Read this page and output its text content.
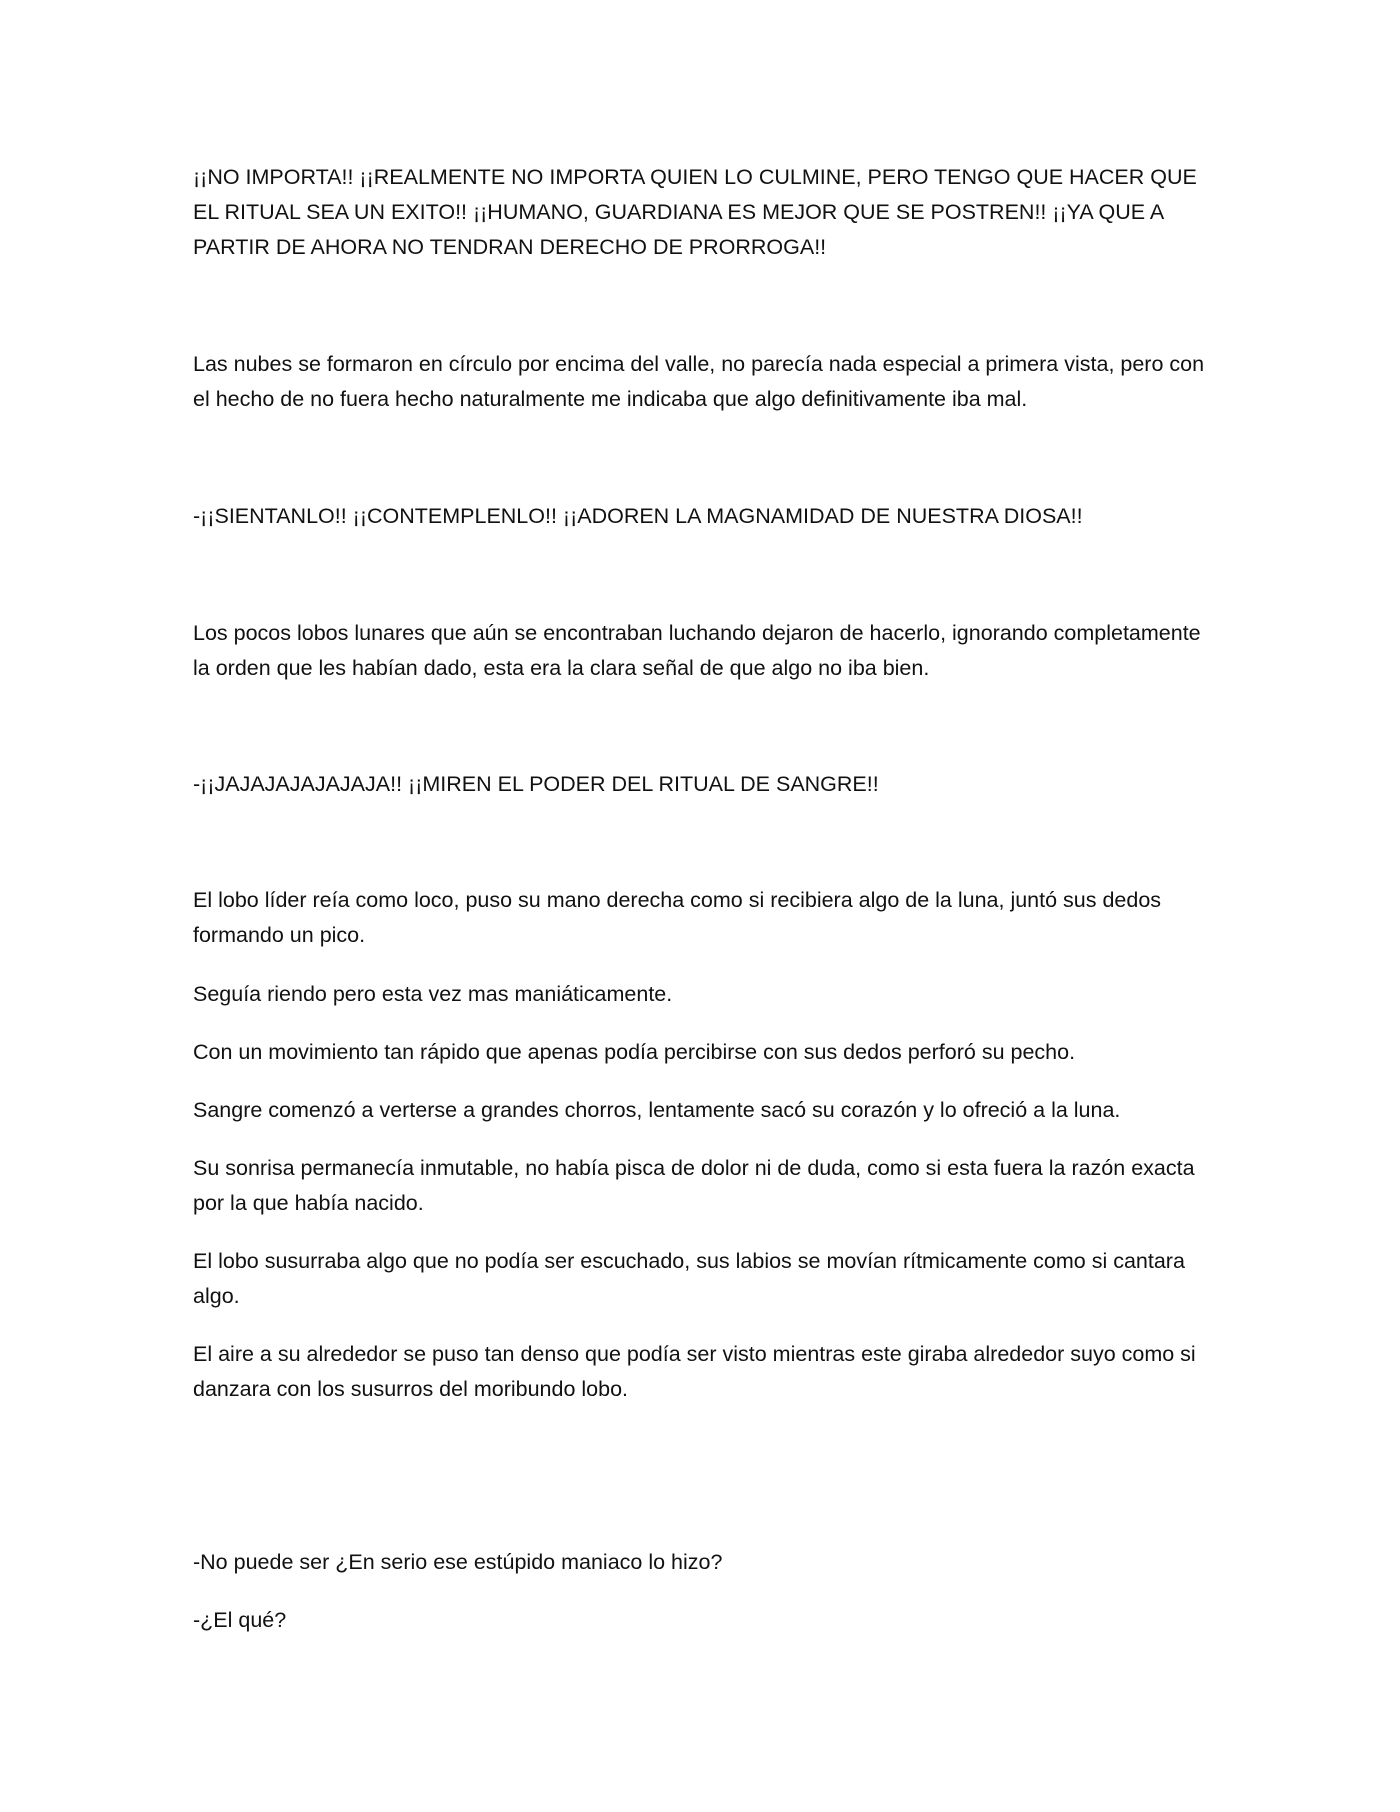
¡¡NO IMPORTA!! ¡¡REALMENTE NO IMPORTA QUIEN LO CULMINE, PERO TENGO QUE HACER QUE EL RITUAL SEA UN EXITO!! ¡¡HUMANO, GUARDIANA ES MEJOR QUE SE POSTREN!! ¡¡YA QUE A PARTIR DE AHORA NO TENDRAN DERECHO DE PRORROGA!!

Las nubes se formaron en círculo por encima del valle, no parecía nada especial a primera vista, pero con el hecho de no fuera hecho naturalmente me indicaba que algo definitivamente iba mal.

-¡¡SIENTANLO!! ¡¡CONTEMPLENLO!! ¡¡ADOREN LA MAGNAMIDAD DE NUESTRA DIOSA!!

Los pocos lobos lunares que aún se encontraban luchando dejaron de hacerlo, ignorando completamente la orden que les habían dado, esta era la clara señal de que algo no iba bien.

-¡¡JAJAJAJAJAJAJA!! ¡¡MIREN EL PODER DEL RITUAL DE SANGRE!!

El lobo líder reía como loco, puso su mano derecha como si recibiera algo de la luna, juntó sus dedos formando un pico.

Seguía riendo pero esta vez mas maniáticamente.

Con un movimiento tan rápido que apenas podía percibirse con sus dedos perforó su pecho.

Sangre comenzó a verterse a grandes chorros, lentamente sacó su corazón y lo ofreció a la luna.

Su sonrisa permanecía inmutable, no había pisca de dolor ni de duda, como si esta fuera la razón exacta por la que había nacido.

El lobo susurraba algo que no podía ser escuchado, sus labios se movían rítmicamente como si cantara algo.

El aire a su alrededor se puso tan denso que podía ser visto mientras este giraba alrededor suyo como si danzara con los susurros del moribundo lobo.

-No puede ser ¿En serio ese estúpido maniaco lo hizo?

-¿El qué?
